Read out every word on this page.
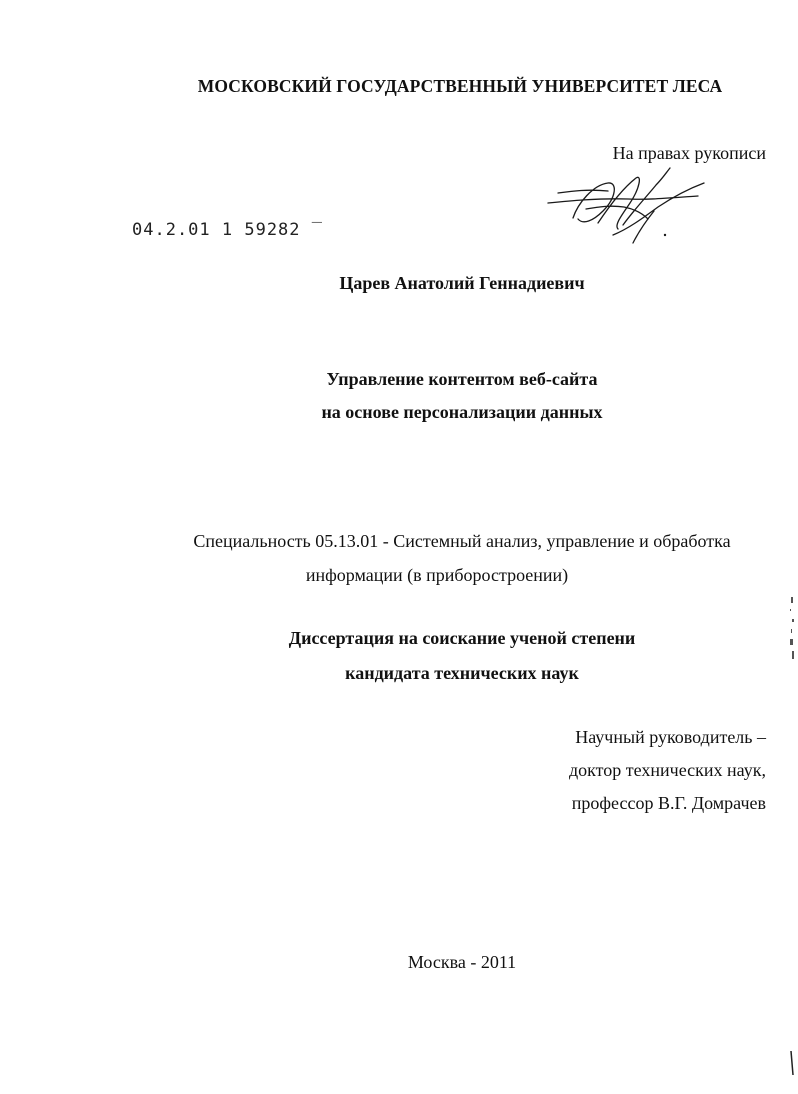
МОСКОВСКИЙ ГОСУДАРСТВЕННЫЙ УНИВЕРСИТЕТ ЛЕСА
На правах рукописи
04.2.01 1 59282 ‾
Царев Анатолий Геннадиевич
Управление контентом веб-сайта
на основе персонализации данных
Специальность 05.13.01 - Системный анализ, управление и обработка
информации (в приборостроении)
Диссертация на соискание ученой степени
кандидата технических наук
Научный руководитель –
доктор технических наук,
профессор В.Г. Домрачев
Москва - 2011
